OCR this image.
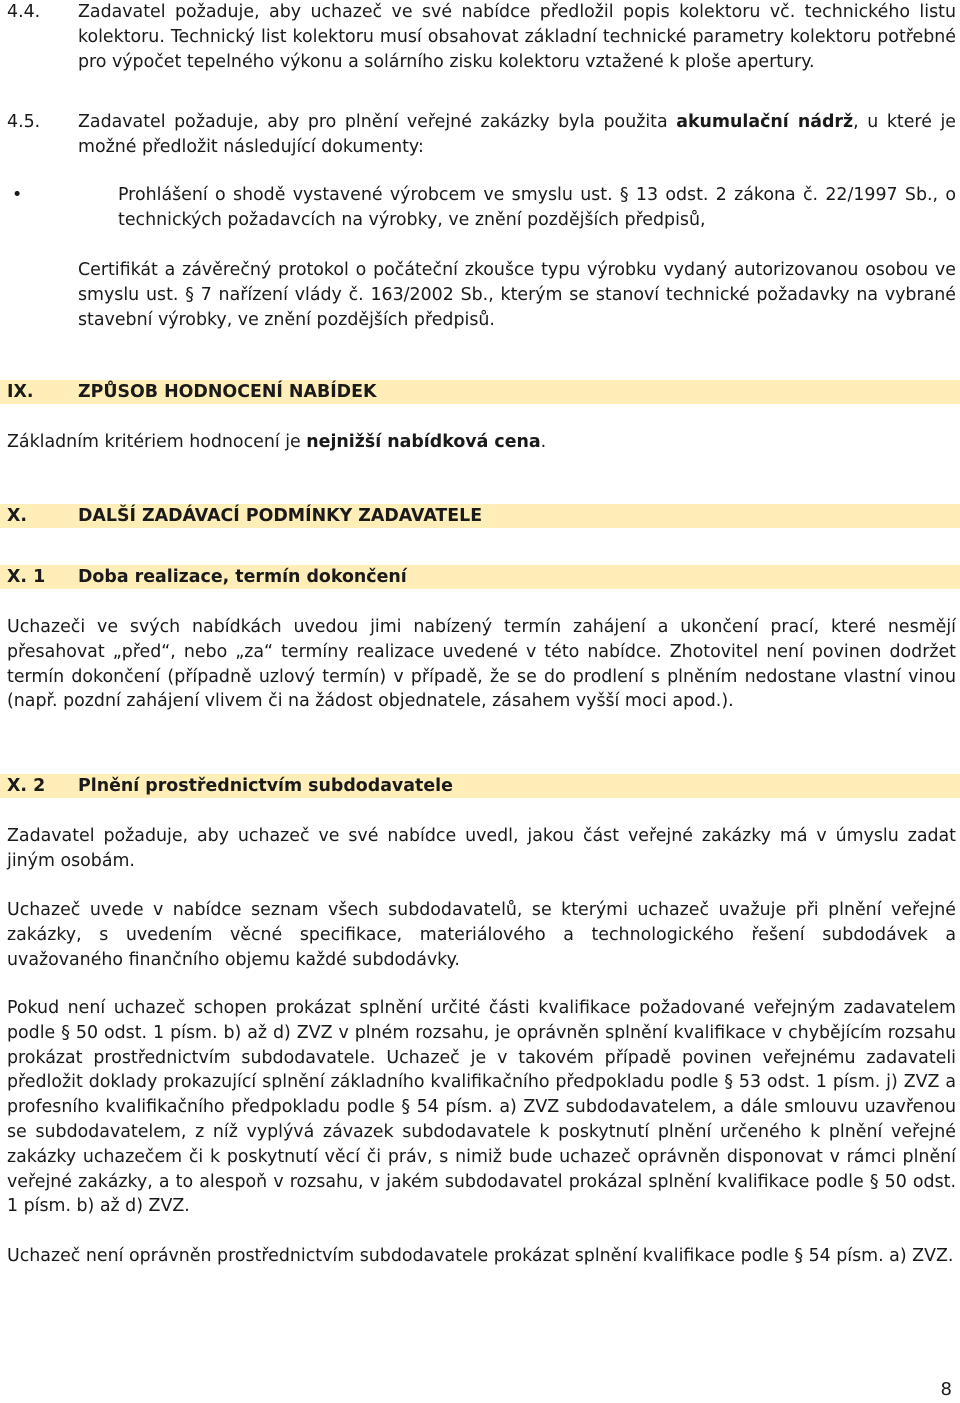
4.4. Zadavatel požaduje, aby uchazeč ve své nabídce předložil popis kolektoru vč. technického listu kolektoru. Technický list kolektoru musí obsahovat základní technické parametry kolektoru potřebné pro výpočet tepelného výkonu a solárního zisku kolektoru vztažené k ploše apertury.
4.5. Zadavatel požaduje, aby pro plnění veřejné zakázky byla použita akumulační nádrž, u které je možné předložit následující dokumenty:
•	Prohlášení o shodě vystavené výrobcem ve smyslu ust. § 13 odst. 2 zákona č. 22/1997 Sb., o technických požadavcích na výrobky, ve znění pozdějších předpisů,
Certifikát a závěrečný protokol o počáteční zkoušce typu výrobku vydaný autorizovanou osobou ve smyslu ust. § 7 nařízení vlády č. 163/2002 Sb., kterým se stanoví technické požadavky na vybrané stavební výrobky, ve znění pozdějších předpisů.
IX.	ZPŮSOB HODNOCENÍ NABÍDEK
Základním kritériem hodnocení je nejnižší nabídková cena.
X.	DALŠÍ ZADÁVACÍ PODMÍNKY ZADAVATELE
X. 1 Doba realizace, termín dokončení
Uchazeči ve svých nabídkách uvedou jimi nabízený termín zahájení a ukončení prací, které nesmějí přesahovat „před“, nebo „za“ termíny realizace uvedené v této nabídce. Zhotovitel není povinen dodržet termín dokončení (případně uzlový termín) v případě, že se do prodlení s plněním nedostane vlastní vinou (např. pozdní zahájení vlivem či na žádost objednatele, zásahem vyšší moci apod.).
X. 2 Plnění prostřednictvím subdodavatele
Zadavatel požaduje, aby uchazeč ve své nabídce uvedl, jakou část veřejné zakázky má v úmyslu zadat jiným osobám.
Uchazeč uvede v nabídce seznam všech subdodavatelů, se kterými uchazeč uvažuje při plnění veřejné zakázky, s uvedením věcné specifikace, materiálového a technologického řešení subdodávek a uvažovaného finančního objemu každé subdodávky.
Pokud není uchazeč schopen prokázat splnění určité části kvalifikace požadované veřejným zadavatelem podle § 50 odst. 1 písm. b) až d) ZVZ v plném rozsahu, je oprávněn splnění kvalifikace v chybějícím rozsahu prokázat prostřednictvím subdodavatele. Uchazeč je v takovém případě povinen veřejnému zadavateli předložit doklady prokazující splnění základního kvalifikačního předpokladu podle § 53 odst. 1 písm. j) ZVZ a profesního kvalifikačního předpokladu podle § 54 písm. a) ZVZ subdodavatelem, a dále smlouvu uzavřenou se subdodavatelem, z níž vyplývá závazek subdodavatele k poskytnutí plnění určeného k plnění veřejné zakázky uchazečem či k poskytnutí věcí či práv, s nimiž bude uchazeč oprávněn disponovat v rámci plnění veřejné zakázky, a to alespoň v rozsahu, v jakém subdodavatel prokázal splnění kvalifikace podle § 50 odst. 1 písm. b) až d) ZVZ.
Uchazeč není oprávněn prostřednictvím subdodavatele prokázat splnění kvalifikace podle § 54 písm. a) ZVZ.
8
